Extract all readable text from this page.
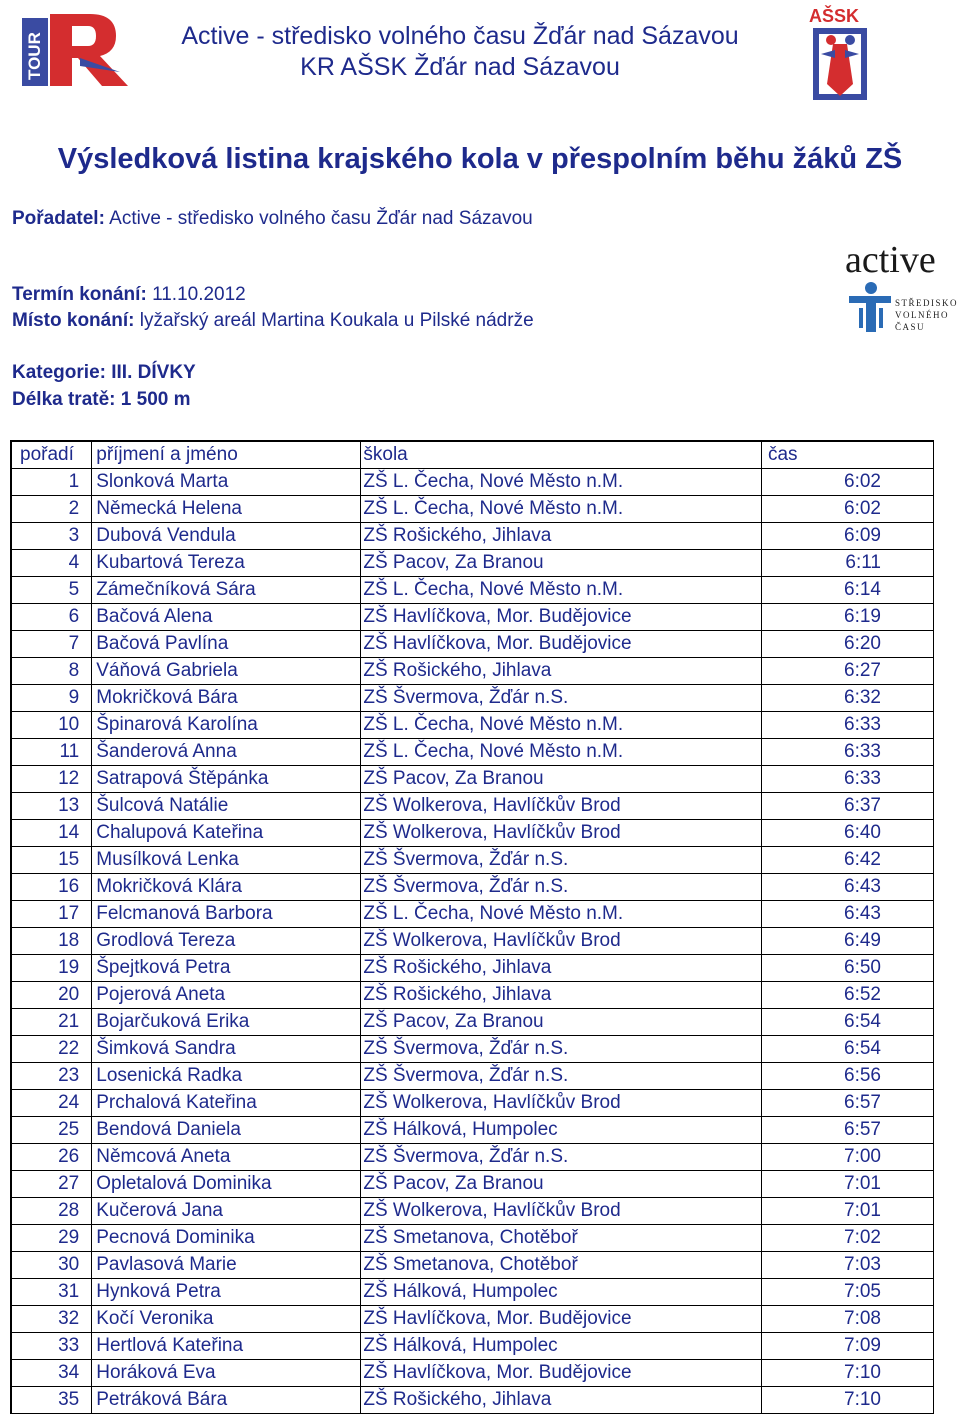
TOUR
AŠSK
active
STŘEDISKO
VOLNÉHO
ČASU
Active - středisko volného času Žďár nad Sázavou
KR AŠSK Žďár nad Sázavou
Výsledková listina krajského kola v přespolním běhu žáků ZŠ
Pořadatel: Active - středisko volného času Žďár nad Sázavou
Termín konání: 11.10.2012
Místo konání: lyžařský areál Martina Koukala u Pilské nádrže
Kategorie: III. DÍVKY
Délka tratě: 1 500 m
pořadí	příjmení a jméno	škola	čas
1	Slonková Marta	ZŠ L. Čecha, Nové Město n.M.	6:02
2	Německá Helena	ZŠ L. Čecha, Nové Město n.M.	6:02
3	Dubová Vendula	ZŠ Rošického, Jihlava	6:09
4	Kubartová Tereza	ZŠ Pacov, Za Branou	6:11
5	Zámečníková Sára	ZŠ L. Čecha, Nové Město n.M.	6:14
6	Bačová Alena	ZŠ Havlíčkova, Mor. Budějovice	6:19
7	Bačová Pavlína	ZŠ Havlíčkova, Mor. Budějovice	6:20
8	Váňová Gabriela	ZŠ Rošického, Jihlava	6:27
9	Mokričková Bára	ZŠ Švermova, Žďár n.S.	6:32
10	Špinarová Karolína	ZŠ L. Čecha, Nové Město n.M.	6:33
11	Šanderová Anna	ZŠ L. Čecha, Nové Město n.M.	6:33
12	Satrapová Štěpánka	ZŠ Pacov, Za Branou	6:33
13	Šulcová Natálie	ZŠ Wolkerova, Havlíčkův Brod	6:37
14	Chalupová Kateřina	ZŠ Wolkerova, Havlíčkův Brod	6:40
15	Musílková Lenka	ZŠ Švermova, Žďár n.S.	6:42
16	Mokričková Klára	ZŠ Švermova, Žďár n.S.	6:43
17	Felcmanová Barbora	ZŠ L. Čecha, Nové Město n.M.	6:43
18	Grodlová Tereza	ZŠ Wolkerova, Havlíčkův Brod	6:49
19	Špejtková Petra	ZŠ Rošického, Jihlava	6:50
20	Pojerová Aneta	ZŠ Rošického, Jihlava	6:52
21	Bojarčuková Erika	ZŠ Pacov, Za Branou	6:54
22	Šimková Sandra	ZŠ Švermova, Žďár n.S.	6:54
23	Losenická Radka	ZŠ Švermova, Žďár n.S.	6:56
24	Prchalová Kateřina	ZŠ Wolkerova, Havlíčkův Brod	6:57
25	Bendová Daniela	ZŠ Hálková, Humpolec	6:57
26	Němcová Aneta	ZŠ Švermova, Žďár n.S.	7:00
27	Opletalová Dominika	ZŠ Pacov, Za Branou	7:01
28	Kučerová Jana	ZŠ Wolkerova, Havlíčkův Brod	7:01
29	Pecnová Dominika	ZŠ Smetanova, Chotěboř	7:02
30	Pavlasová Marie	ZŠ Smetanova, Chotěboř	7:03
31	Hynková Petra	ZŠ Hálková, Humpolec	7:05
32	Kočí Veronika	ZŠ Havlíčkova, Mor. Budějovice	7:08
33	Hertlová Kateřina	ZŠ Hálková, Humpolec	7:09
34	Horáková Eva	ZŠ Havlíčkova, Mor. Budějovice	7:10
35	Petráková Bára	ZŠ Rošického, Jihlava	7:10
